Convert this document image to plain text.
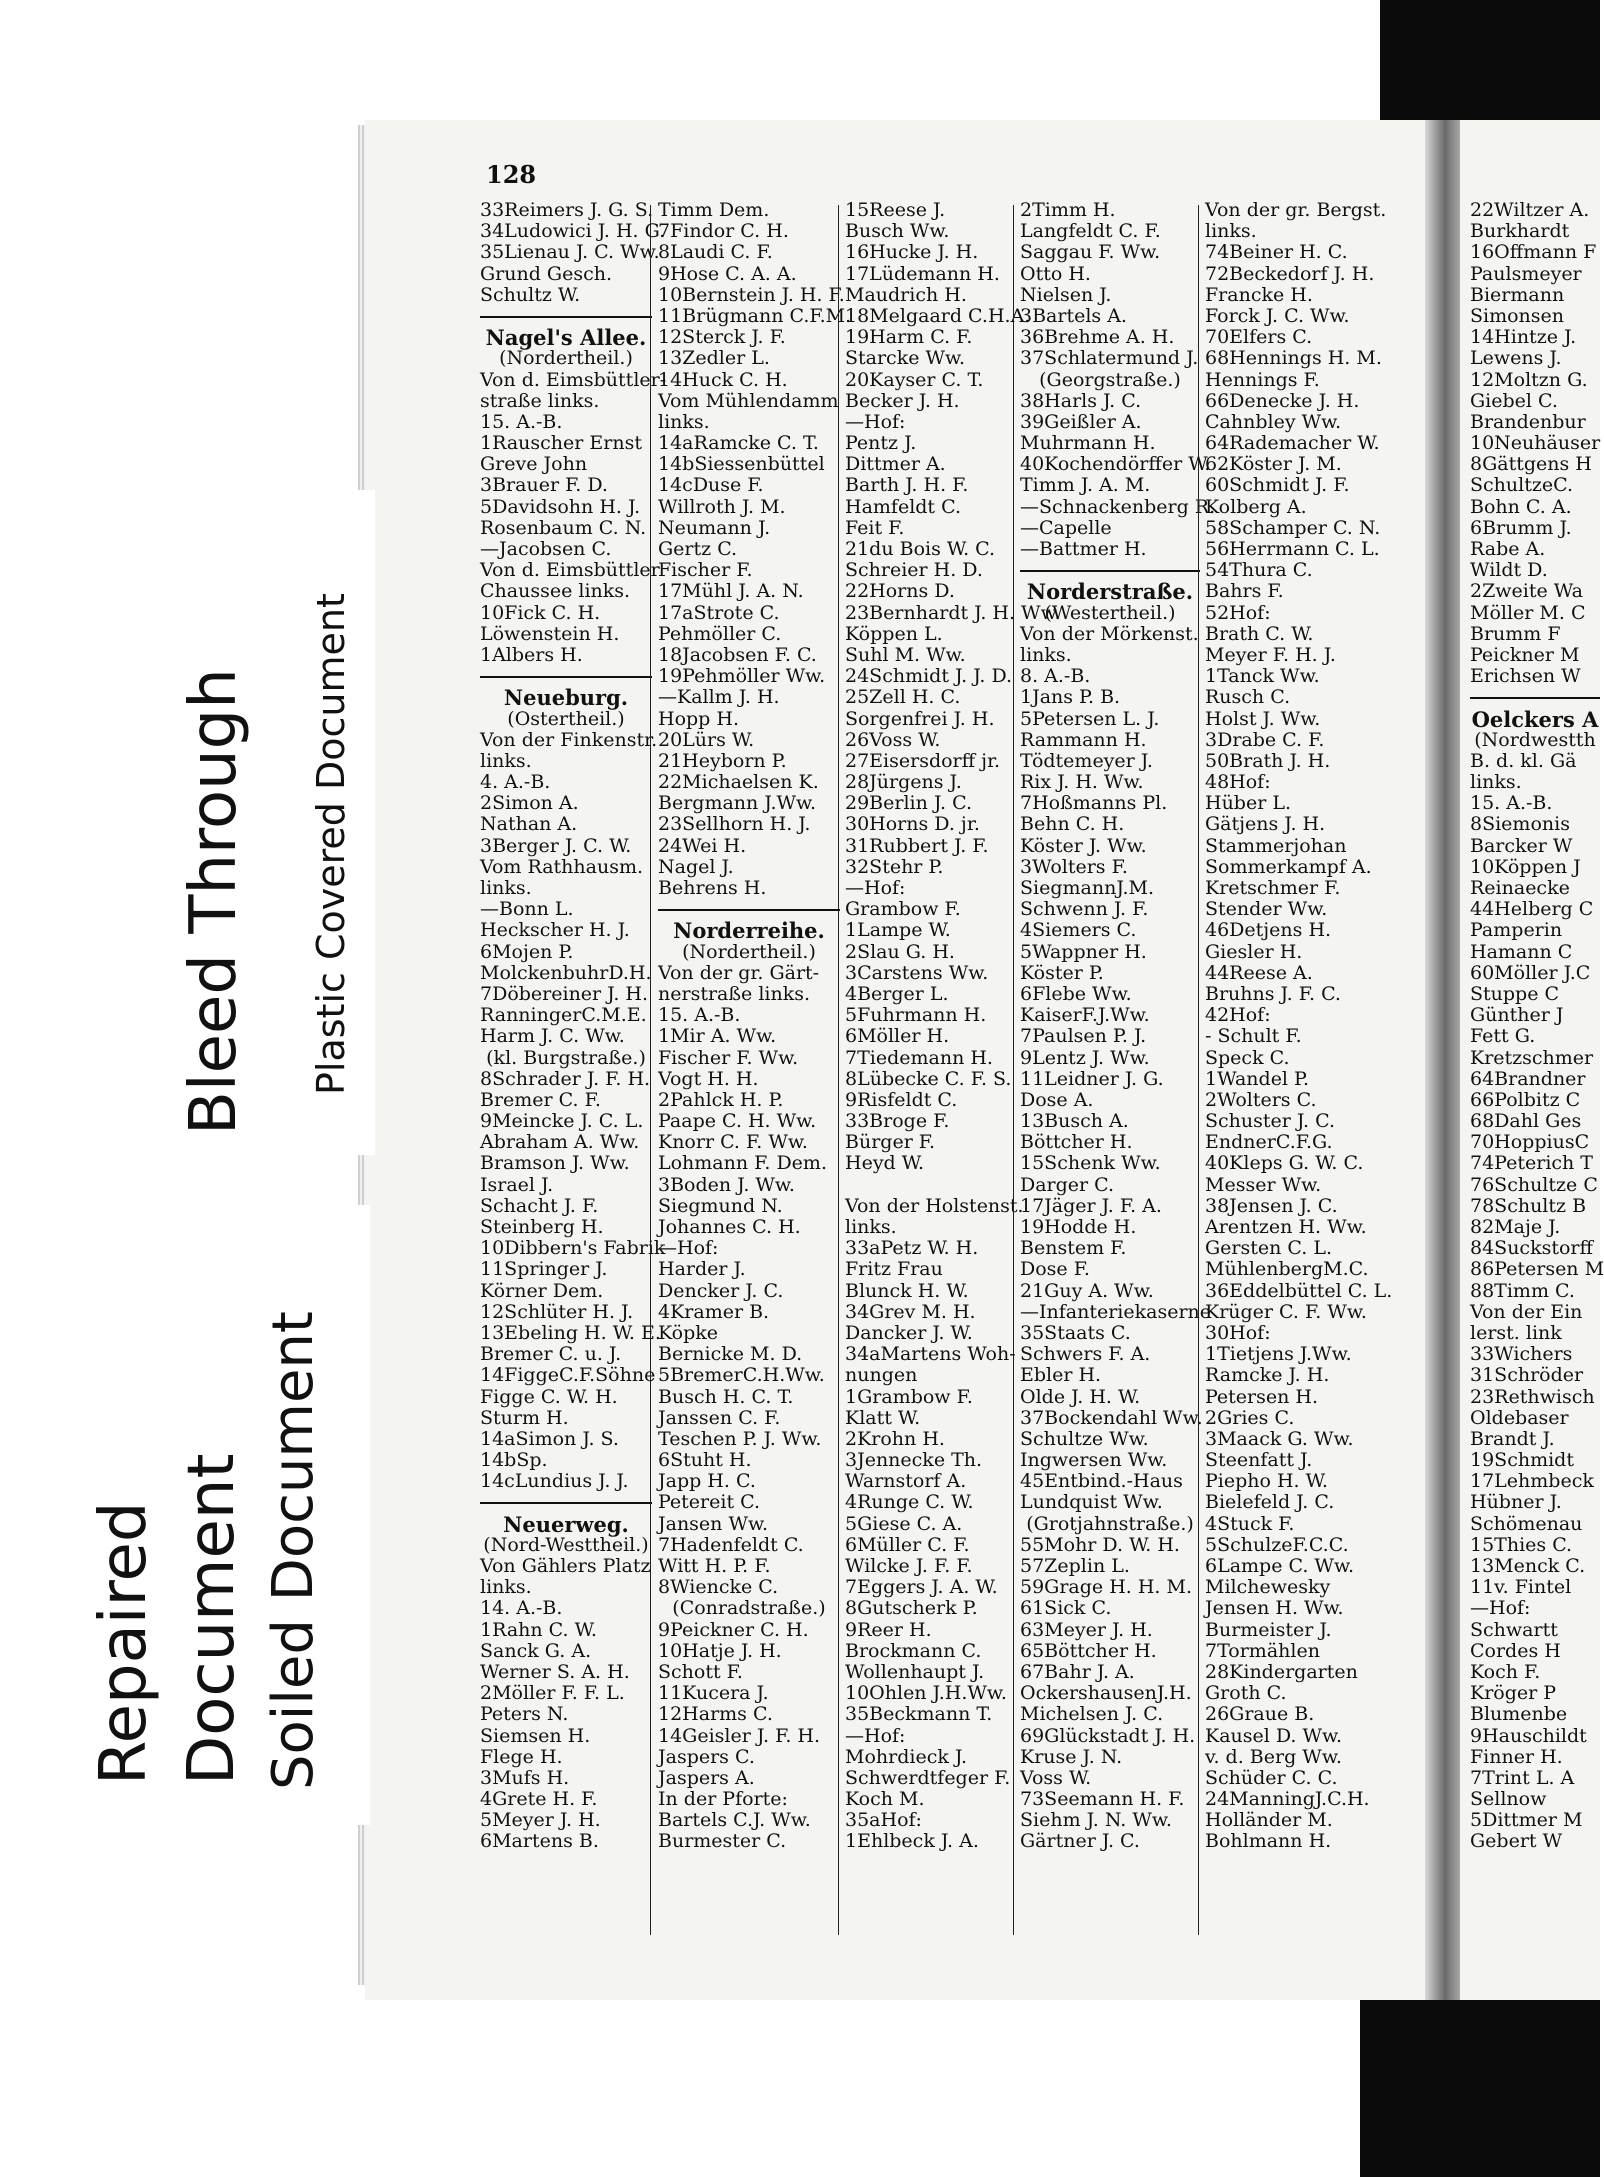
128
33Reimers J. G. S.
34Ludowici J. H. G.
35Lienau J. C. Ww.
Grund Gesch.
Schultz W.
Nagel's Allee.
(Nordertheil.)
Von d. Eimsbüttler-
straße links.
15. A.-B.
1Rauscher Ernst
Greve John
3Brauer F. D.
5Davidsohn H. J.
Rosenbaum C. N.
—Jacobsen C.
Von d. Eimsbüttler
Chaussee links.
10Fick C. H.
Löwenstein H.
1Albers H.
Neueburg.
(Ostertheil.)
Von der Finkenstr.
links.
4. A.-B.
2Simon A.
Nathan A.
3Berger J. C. W.
Vom Rathhausm.
links.
—Bonn L.
Heckscher H. J.
6Mojen P.
MolckenbuhrD.H.
7Döbereiner J. H.
RanningerC.M.E.
Harm J. C. Ww.
(kl. Burgstraße.)
8Schrader J. F. H.
Bremer C. F.
9Meincke J. C. L.
Abraham A. Ww.
Bramson J. Ww.
Israel J.
Schacht J. F.
Steinberg H.
10Dibbern's Fabrik
11Springer J.
Körner Dem.
12Schlüter H. J.
13Ebeling H. W. E.
Bremer C. u. J.
14FiggeC.F.Söhne
Figge C. W. H.
Sturm H.
14aSimon J. S.
14bSp.
14cLundius J. J.
Neuerweg.
(Nord-Westtheil.)
Von Gählers Platz
links.
14. A.-B.
1Rahn C. W.
Sanck G. A.
Werner S. A. H.
2Möller F. F. L.
Peters N.
Siemsen H.
Flege H.
3Mufs H.
4Grete H. F.
5Meyer J. H.
6Martens B.
Timm Dem.
7Findor C. H.
8Laudi C. F.
9Hose C. A. A.
10Bernstein J. H. F.
11Brügmann C.F.M.
12Sterck J. F.
13Zedler L.
14Huck C. H.
Vom Mühlendamm
links.
14aRamcke C. T.
14bSiessenbüttel
14cDuse F.
Willroth J. M.
Neumann J.
Gertz C.
Fischer F.
17Mühl J. A. N.
17aStrote C.
Pehmöller C.
18Jacobsen F. C.
19Pehmöller Ww.
—Kallm J. H.
Hopp H.
20Lürs W.
21Heyborn P.
22Michaelsen K.
Bergmann J.Ww.
23Sellhorn H. J.
24Wei H.
Nagel J.
Behrens H.
Norderreihe.
(Nordertheil.)
Von der gr. Gärt-
nerstraße links.
15. A.-B.
1Mir A. Ww.
Fischer F. Ww.
Vogt H. H.
2Pahlck H. P.
Paape C. H. Ww.
Knorr C. F. Ww.
Lohmann F. Dem.
3Boden J. Ww.
Siegmund N.
Johannes C. H.
—Hof:
Harder J.
Dencker J. C.
4Kramer B.
Köpke
Bernicke M. D.
5BremerC.H.Ww.
Busch H. C. T.
Janssen C. F.
Teschen P. J. Ww.
6Stuht H.
Japp H. C.
Petereit C.
Jansen Ww.
7Hadenfeldt C.
Witt H. P. F.
8Wiencke C.
(Conradstraße.)
9Peickner C. H.
10Hatje J. H.
Schott F.
11Kucera J.
12Harms C.
14Geisler J. F. H.
Jaspers C.
Jaspers A.
In der Pforte:
Bartels C.J. Ww.
Burmester C.
15Reese J.
Busch Ww.
16Hucke J. H.
17Lüdemann H.
Maudrich H.
18Melgaard C.H.A.
19Harm C. F.
Starcke Ww.
20Kayser C. T.
Becker J. H.
—Hof:
Pentz J.
Dittmer A.
Barth J. H. F.
Hamfeldt C.
Feit F.
21du Bois W. C.
Schreier H. D.
22Horns D.
23Bernhardt J. H. Ww.
Köppen L.
Suhl M. Ww.
24Schmidt J. J. D.
25Zell H. C.
Sorgenfrei J. H.
26Voss W.
27Eisersdorff jr.
28Jürgens J.
29Berlin J. C.
30Horns D. jr.
31Rubbert J. F.
32Stehr P.
—Hof:
Grambow F.
1Lampe W.
2Slau G. H.
3Carstens Ww.
4Berger L.
5Fuhrmann H.
6Möller H.
7Tiedemann H.
8Lübecke C. F. S.
9Risfeldt C.
33Broge F.
Bürger F.
Heyd W.
Von der Holstenst.
links.
33aPetz W. H.
Fritz Frau
Blunck H. W.
34Grev M. H.
Dancker J. W.
34aMartens Woh-
nungen
1Grambow F.
Klatt W.
2Krohn H.
3Jennecke Th.
Warnstorf A.
4Runge C. W.
5Giese C. A.
6Müller C. F.
Wilcke J. F. F.
7Eggers J. A. W.
8Gutscherk P.
9Reer H.
Brockmann C.
Wollenhaupt J.
10Ohlen J.H.Ww.
35Beckmann T.
—Hof:
Mohrdieck J.
Schwerdtfeger F.
Koch M.
35aHof:
1Ehlbeck J. A.
2Timm H.
Langfeldt C. F.
Saggau F. Ww.
Otto H.
Nielsen J.
3Bartels A.
36Brehme A. H.
37Schlatermund J.
(Georgstraße.)
38Harls J. C.
39Geißler A.
Muhrmann H.
40Kochendörffer W.
Timm J. A. M.
—Schnackenberg R.
—Capelle
—Battmer H.
Norderstraße.
(Westertheil.)
Von der Mörkenst.
links.
8. A.-B.
1Jans P. B.
5Petersen L. J.
Rammann H.
Tödtemeyer J.
Rix J. H. Ww.
7Hoßmanns Pl.
Behn C. H.
Köster J. Ww.
3Wolters F.
SiegmannJ.M.
Schwenn J. F.
4Siemers C.
5Wappner H.
Köster P.
6Flebe Ww.
KaiserF.J.Ww.
7Paulsen P. J.
9Lentz J. Ww.
11Leidner J. G.
Dose A.
13Busch A.
Böttcher H.
15Schenk Ww.
Darger C.
17Jäger J. F. A.
19Hodde H.
Benstem F.
Dose F.
21Guy A. Ww.
—Infanteriekaserne
35Staats C.
Schwers F. A.
Ebler H.
Olde J. H. W.
37Bockendahl Ww.
Schultze Ww.
Ingwersen Ww.
45Entbind.-Haus
Lundquist Ww.
(Grotjahnstraße.)
55Mohr D. W. H.
57Zeplin L.
59Grage H. H. M.
61Sick C.
63Meyer J. H.
65Böttcher H.
67Bahr J. A.
OckershausenJ.H.
Michelsen J. C.
69Glückstadt J. H.
Kruse J. N.
Voss W.
73Seemann H. F.
Siehm J. N. Ww.
Gärtner J. C.
Von der gr. Bergst.
links.
74Beiner H. C.
72Beckedorf J. H.
Francke H.
Forck J. C. Ww.
70Elfers C.
68Hennings H. M.
Hennings F.
66Denecke J. H.
Cahnbley Ww.
64Rademacher W.
62Köster J. M.
60Schmidt J. F.
Kolberg A.
58Schamper C. N.
56Herrmann C. L.
54Thura C.
Bahrs F.
52Hof:
Brath C. W.
Meyer F. H. J.
1Tanck Ww.
Rusch C.
Holst J. Ww.
3Drabe C. F.
50Brath J. H.
48Hof:
Hüber L.
Gätjens J. H.
Stammerjohan
Sommerkampf A.
Kretschmer F.
Stender Ww.
46Detjens H.
Giesler H.
44Reese A.
Bruhns J. F. C.
42Hof:
- Schult F.
Speck C.
1Wandel P.
2Wolters C.
Schuster J. C.
EndnerC.F.G.
40Kleps G. W. C.
Messer Ww.
38Jensen J. C.
Arentzen H. Ww.
Gersten C. L.
MühlenbergM.C.
36Eddelbüttel C. L.
Krüger C. F. Ww.
30Hof:
1Tietjens J.Ww.
Ramcke J. H.
Petersen H.
2Gries C.
3Maack G. Ww.
Steenfatt J.
Piepho H. W.
Bielefeld J. C.
4Stuck F.
5SchulzeF.C.C.
6Lampe C. Ww.
Milchewesky
Jensen H. Ww.
Burmeister J.
7Tormählen
28Kindergarten
Groth C.
26Graue B.
Kausel D. Ww.
v. d. Berg Ww.
Schüder C. C.
24ManningJ.C.H.
Holländer M.
Bohlmann H.
22Wiltzer A.
Burkhardt
16Offmann F
Paulsmeyer
Biermann
Simonsen
14Hintze J.
Lewens J.
12Moltzn G.
Giebel C.
Brandenbur
10Neuhäuser
8Gättgens H
SchultzeC.
Bohn C. A.
6Brumm J.
Rabe A.
Wildt D.
2Zweite Wa
Möller M. C
Brumm F
Peickner M
Erichsen W
Oelckers A
(Nordwestth
B. d. kl. Gä
links.
15. A.-B.
8Siemonis
Barcker W
10Köppen J
Reinaecke
44Helberg C
Pamperin
Hamann C
60Möller J.C
Stuppe C
Günther J
Fett G.
Kretzschmer
64Brandner
66Polbitz C
68Dahl Ges
70HoppiusC
74Peterich T
76Schultze C
78Schultz B
82Maje J.
84Suckstorff
86Petersen M
88Timm C.
Von der Ein
lerst. link
33Wichers
31Schröder
23Rethwisch
Oldebaser
Brandt J.
19Schmidt
17Lehmbeck
Hübner J.
Schömenau
15Thies C.
13Menck C.
11v. Fintel
—Hof:
Schwartt
Cordes H
Koch F.
Kröger P
Blumenbe
9Hauschildt
Finner H.
7Trint L. A
Sellnow
5Dittmer M
Gebert W
Bleed Through Plastic Covered Document
Repaired Document Soiled Document
